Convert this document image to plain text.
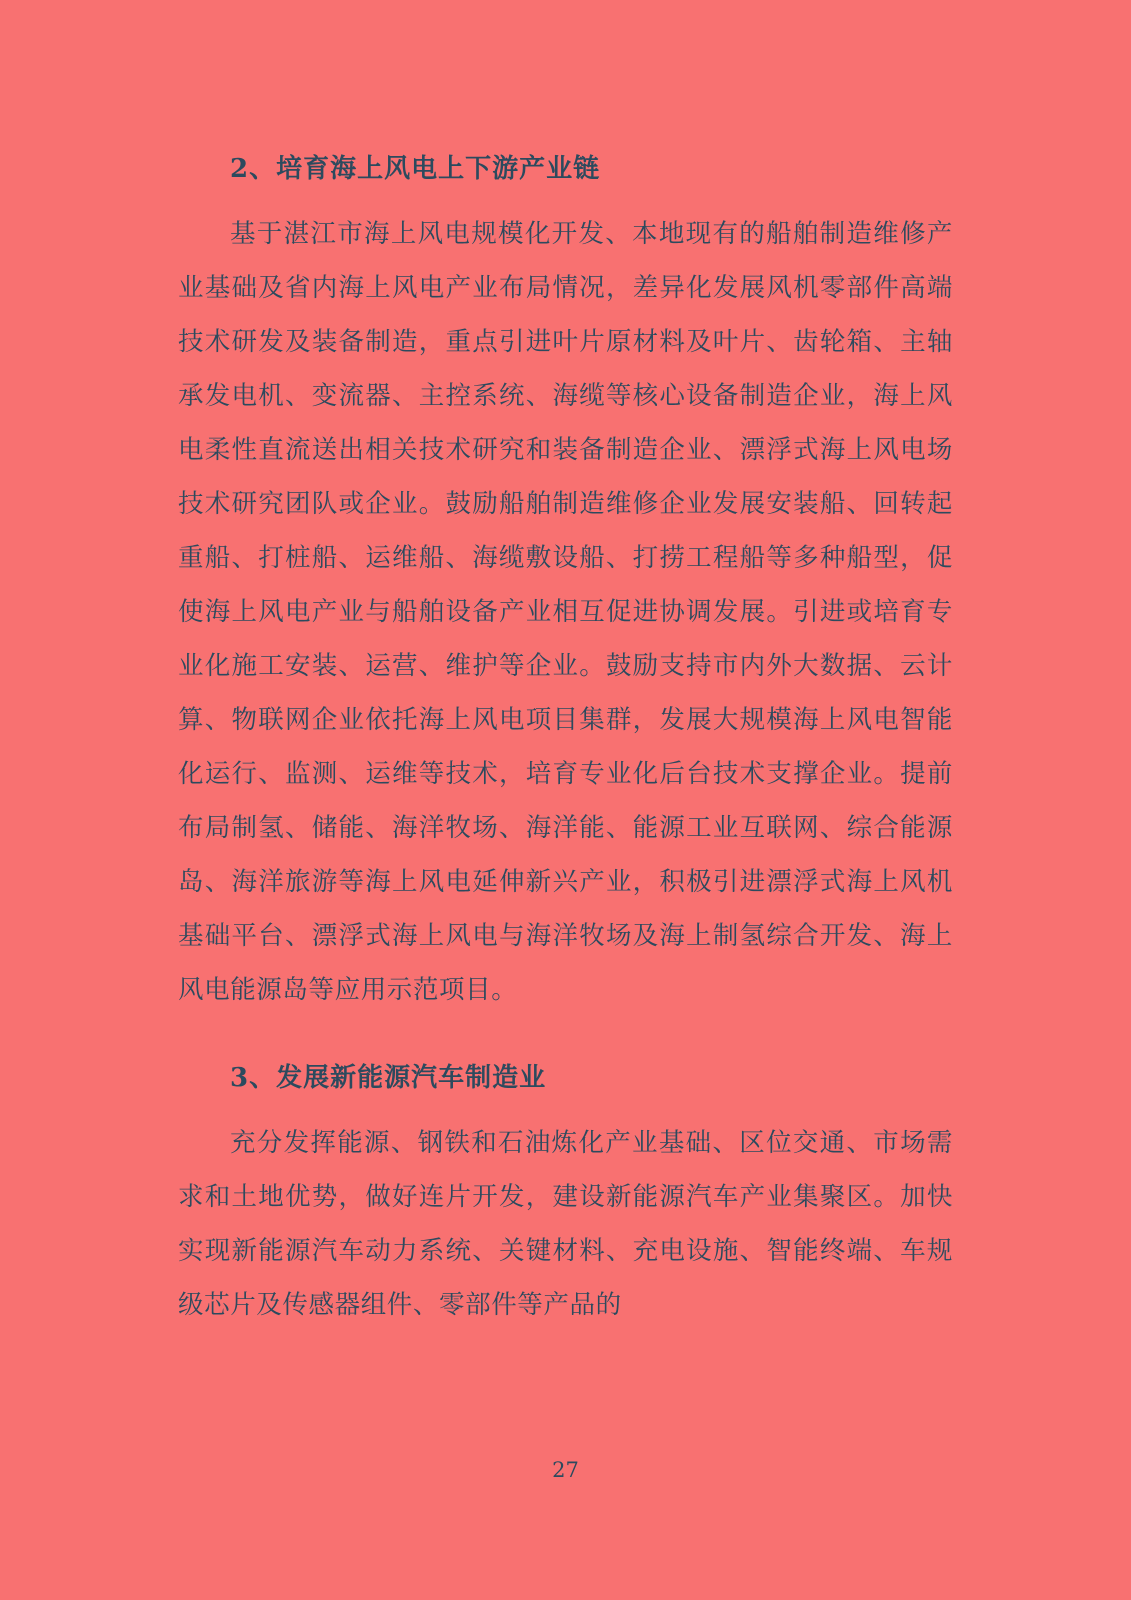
2、培育海上风电上下游产业链

基于湛江市海上风电规模化开发、本地现有的船舶制造维修产业基础及省内海上风电产业布局情况，差异化发展风机零部件高端技术研发及装备制造，重点引进叶片原材料及叶片、齿轮箱、主轴承发电机、变流器、主控系统、海缆等核心设备制造企业，海上风电柔性直流送出相关技术研究和装备制造企业、漂浮式海上风电场技术研究团队或企业。鼓励船舶制造维修企业发展安装船、回转起重船、打桩船、运维船、海缆敷设船、打捞工程船等多种船型，促使海上风电产业与船舶设备产业相互促进协调发展。引进或培育专业化施工安装、运营、维护等企业。鼓励支持市内外大数据、云计算、物联网企业依托海上风电项目集群，发展大规模海上风电智能化运行、监测、运维等技术，培育专业化后台技术支撑企业。提前布局制氢、储能、海洋牧场、海洋能、能源工业互联网、综合能源岛、海洋旅游等海上风电延伸新兴产业，积极引进漂浮式海上风机基础平台、漂浮式海上风电与海洋牧场及海上制氢综合开发、海上风电能源岛等应用示范项目。

3、发展新能源汽车制造业

充分发挥能源、钢铁和石油炼化产业基础、区位交通、市场需求和土地优势，做好连片开发，建设新能源汽车产业集聚区。加快实现新能源汽车动力系统、关键材料、充电设施、智能终端、车规级芯片及传感器组件、零部件等产品的

27
